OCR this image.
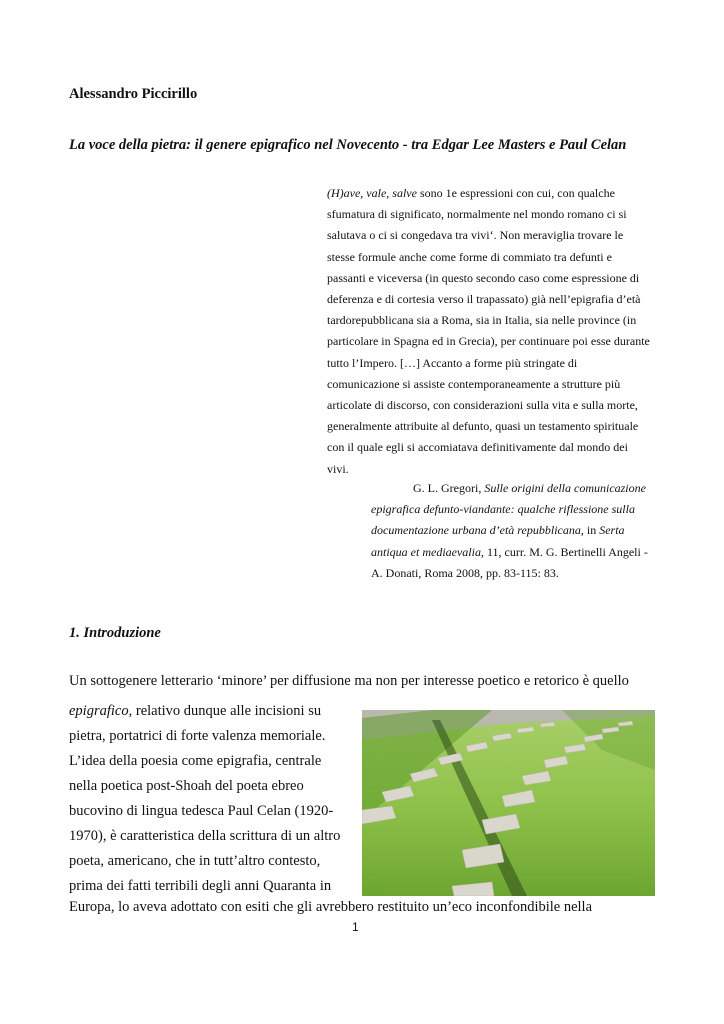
Alessandro Piccirillo
La voce della pietra: il genere epigrafico nel Novecento - tra Edgar Lee Masters e Paul Celan

(H)ave, vale, salve sono 1e espressioni con cui, con qualche

sfumatura di significato, normalmente nel mondo romano ci si

salutava o ci si congedava tra vivi‘. Non meraviglia trovare le

stesse formule anche come forme di commiato tra defunti e

passanti e viceversa (in questo secondo caso come espressione di

deferenza e di cortesia verso il trapassato) già nell’epigrafia d’età

tardorepubblicana sia a Roma, sia in Italia, sia nelle province (in

particolare in Spagna ed in Grecia), per continuare poi esse durante

tutto l’Impero. […] Accanto a forme più stringate di

comunicazione si assiste contemporaneamente a strutture più

articolate di discorso, con considerazioni sulla vita e sulla morte,

generalmente attribuite al defunto, quasi un testamento spirituale

con il quale egli si accomiatava definitivamente dal mondo dei

vivi.

G. L. Gregori, Sulle origini della comunicazione
epigrafica defunto-viandante: qualche riflessione sulla
documentazione urbana d’età repubblicana, in Serta
antiqua et mediaevalia, 11, curr. M. G. Bertinelli Angeli -
A. Donati, Roma 2008, pp. 83-115: 83.
1. Introduzione
Un sottogenere letterario ‘minore’ per diffusione ma non per interesse poetico e retorico è quello
epigrafico, relativo dunque alle incisioni su
pietra, portatrici di forte valenza memoriale.
L’idea della poesia come epigrafia, centrale
nella poetica post-Shoah del poeta ebreo
bucovino di lingua tedesca Paul Celan (1920-
1970), è caratteristica della scrittura di un altro
poeta, americano, che in tutt’altro contesto,
prima dei fatti terribili degli anni Quaranta in
Europa, lo aveva adottato con esiti che gli avrebbero restituito un’eco inconfondibile nella
1
